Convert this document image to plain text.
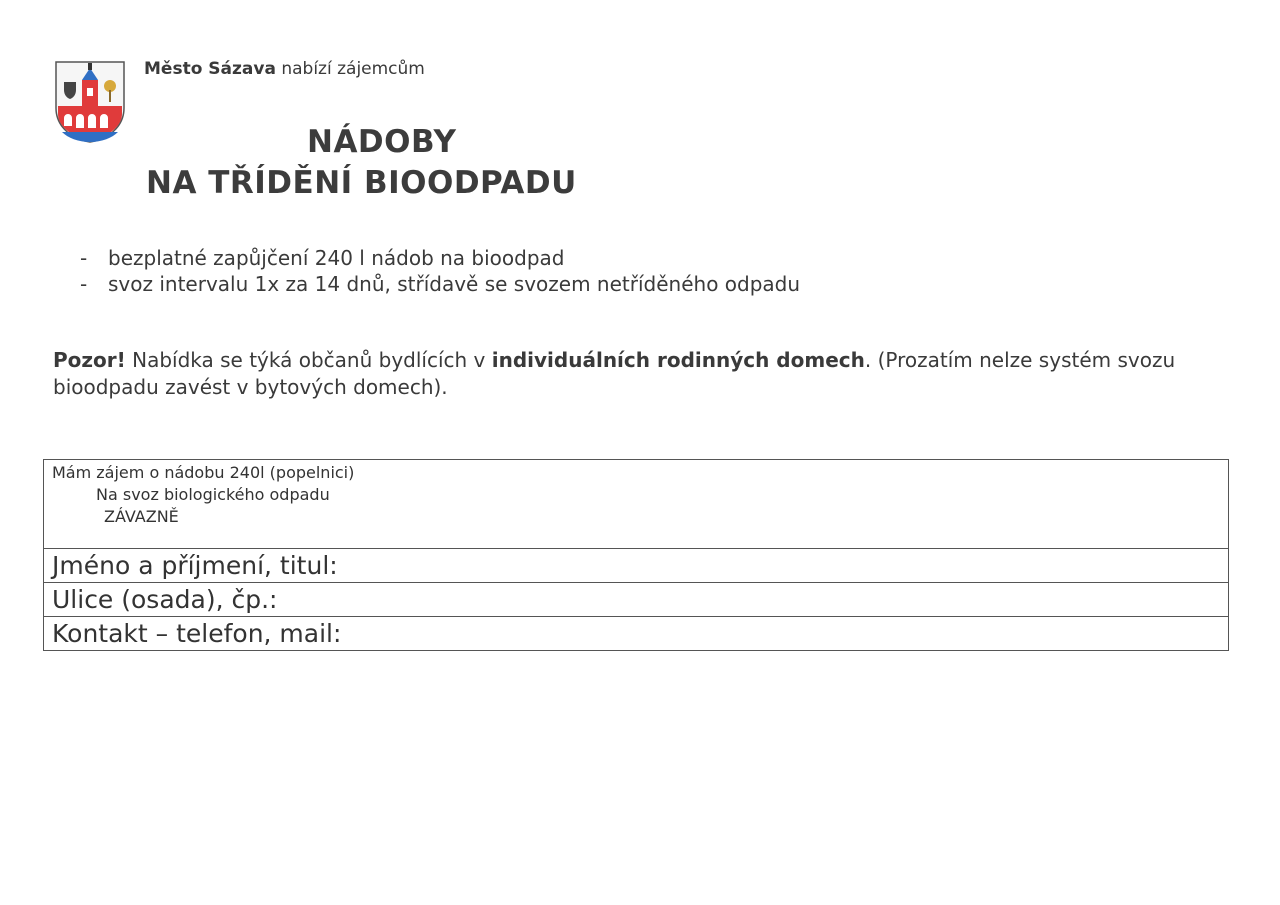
Město Sázava nabízí zájemcům
NÁDOBY
NA TŘÍDĚNÍ BIOODPADU
-	bezplatné zapůjčení 240 l nádob na bioodpad
-	svoz intervalu 1x za 14 dnů, střídavě se svozem netříděného odpadu
Pozor! Nabídka se týká občanů bydlících v individuálních rodinných domech. (Prozatím nelze systém svozu bioodpadu zavést v bytových domech).
Mám zájem o nádobu 240l (popelnici)
Na svoz biologického odpadu
ZÁVAZNĚ
Jméno a příjmení, titul:
Ulice (osada), čp.:
Kontakt – telefon, mail:
